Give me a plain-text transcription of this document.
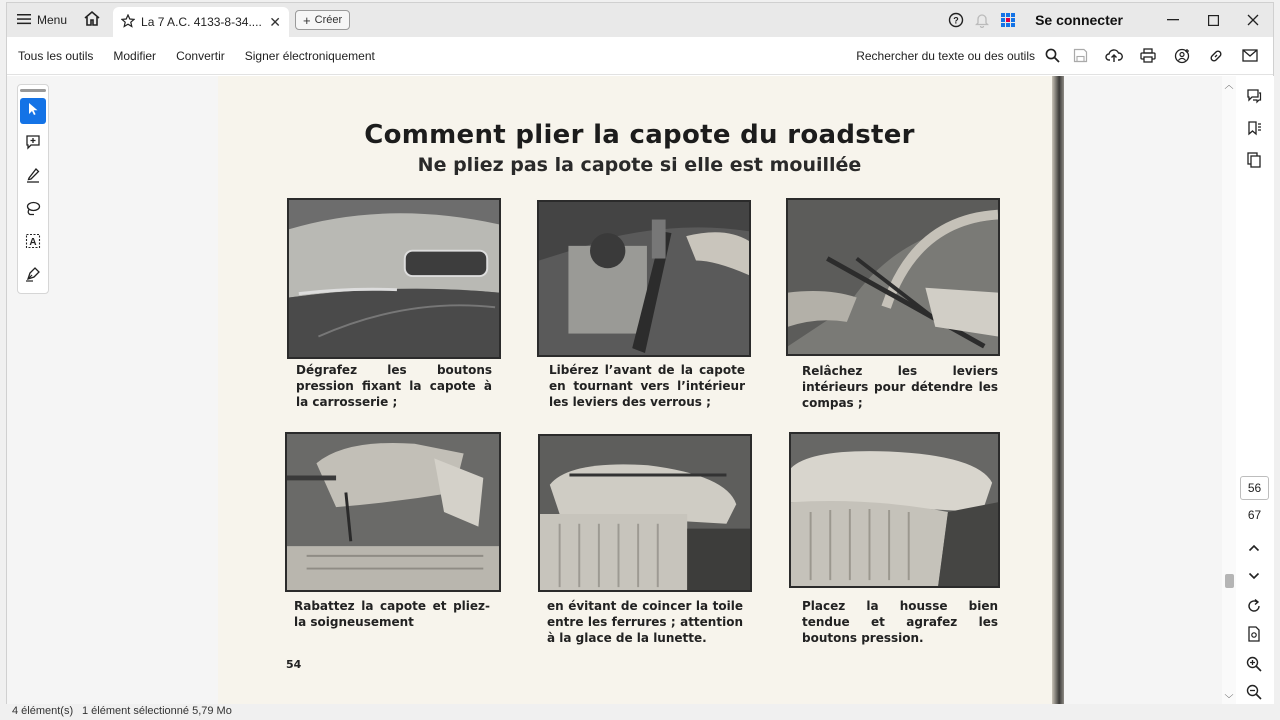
Menu	La 7 A.C. 4133-8-34.... ✕ + Créer	?	Se connecter
Tous les outils	Modifier	Convertir	Signer électroniquement	Rechercher du texte ou des outils
A
Comment plier la capote du roadster
Ne pliez pas la capote si elle est mouillée
Dégrafez les boutons pression fixant la capote à la carrosserie ;
Libérez l’avant de la capote en tournant vers l’intérieur les leviers des verrous ;
Relâchez les leviers intérieurs pour détendre les compas ;
Rabattez la capote et pliez-la soigneusement
en évitant de coincer la toile entre les ferrures ; attention à la glace de la lunette.
Placez la housse bien tendue et agrafez les boutons pression.
54
︿
﹀
56
67
4 élément(s) 1 élément sélectionné 5,79 Mo
